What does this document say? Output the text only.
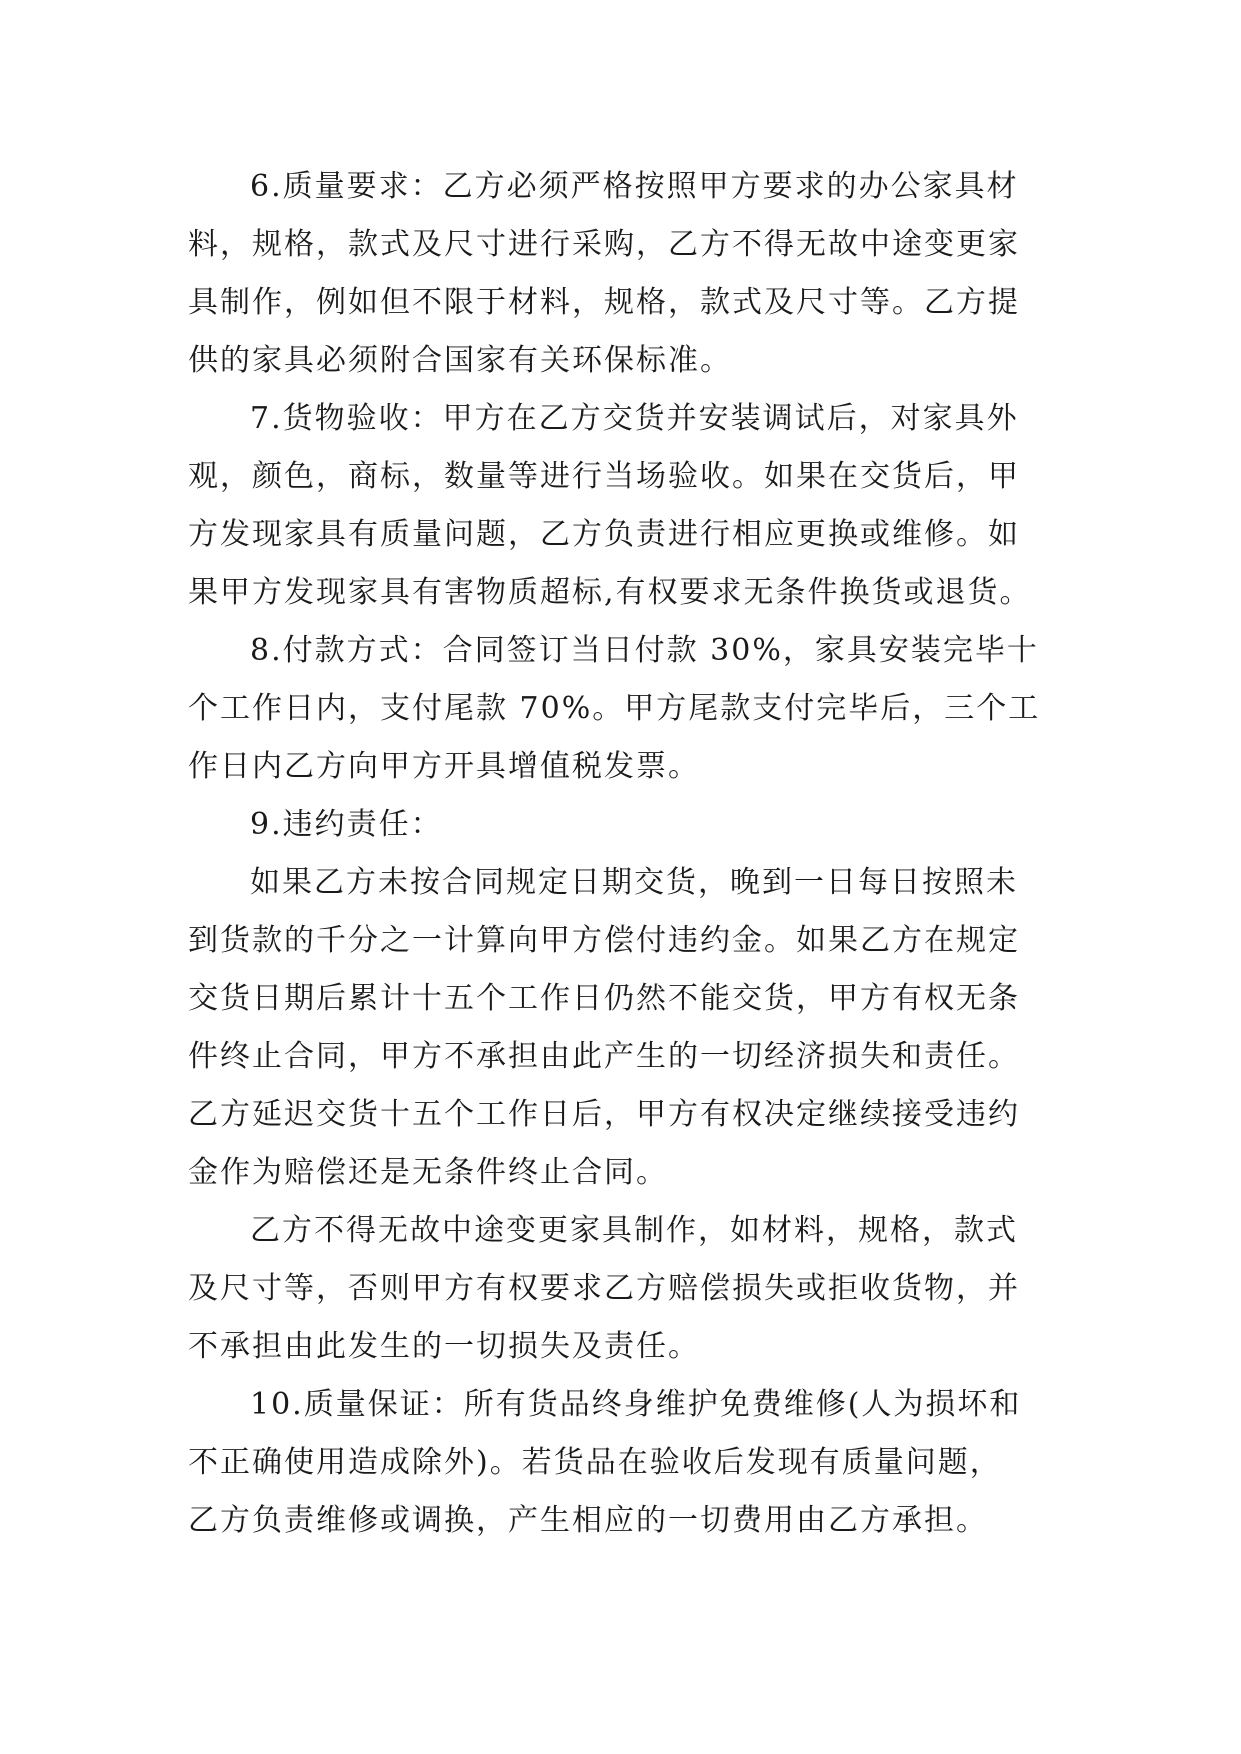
6.质量要求：乙方必须严格按照甲方要求的办公家具材
料，规格，款式及尺寸进行采购，乙方不得无故中途变更家
具制作，例如但不限于材料，规格，款式及尺寸等。乙方提
供的家具必须附合国家有关环保标准。
7.货物验收：甲方在乙方交货并安装调试后，对家具外
观，颜色，商标，数量等进行当场验收。如果在交货后，甲
方发现家具有质量问题，乙方负责进行相应更换或维修。如
果甲方发现家具有害物质超标,有权要求无条件换货或退货。
8.付款方式：合同签订当日付款 30%，家具安装完毕十
个工作日内，支付尾款 70%。甲方尾款支付完毕后，三个工
作日内乙方向甲方开具增值税发票。
9.违约责任：
如果乙方未按合同规定日期交货，晚到一日每日按照未
到货款的千分之一计算向甲方偿付违约金。如果乙方在规定
交货日期后累计十五个工作日仍然不能交货，甲方有权无条
件终止合同，甲方不承担由此产生的一切经济损失和责任。
乙方延迟交货十五个工作日后，甲方有权决定继续接受违约
金作为赔偿还是无条件终止合同。
乙方不得无故中途变更家具制作，如材料，规格，款式
及尺寸等，否则甲方有权要求乙方赔偿损失或拒收货物，并
不承担由此发生的一切损失及责任。
10.质量保证：所有货品终身维护免费维修(人为损坏和
不正确使用造成除外)。若货品在验收后发现有质量问题，
乙方负责维修或调换，产生相应的一切费用由乙方承担。
